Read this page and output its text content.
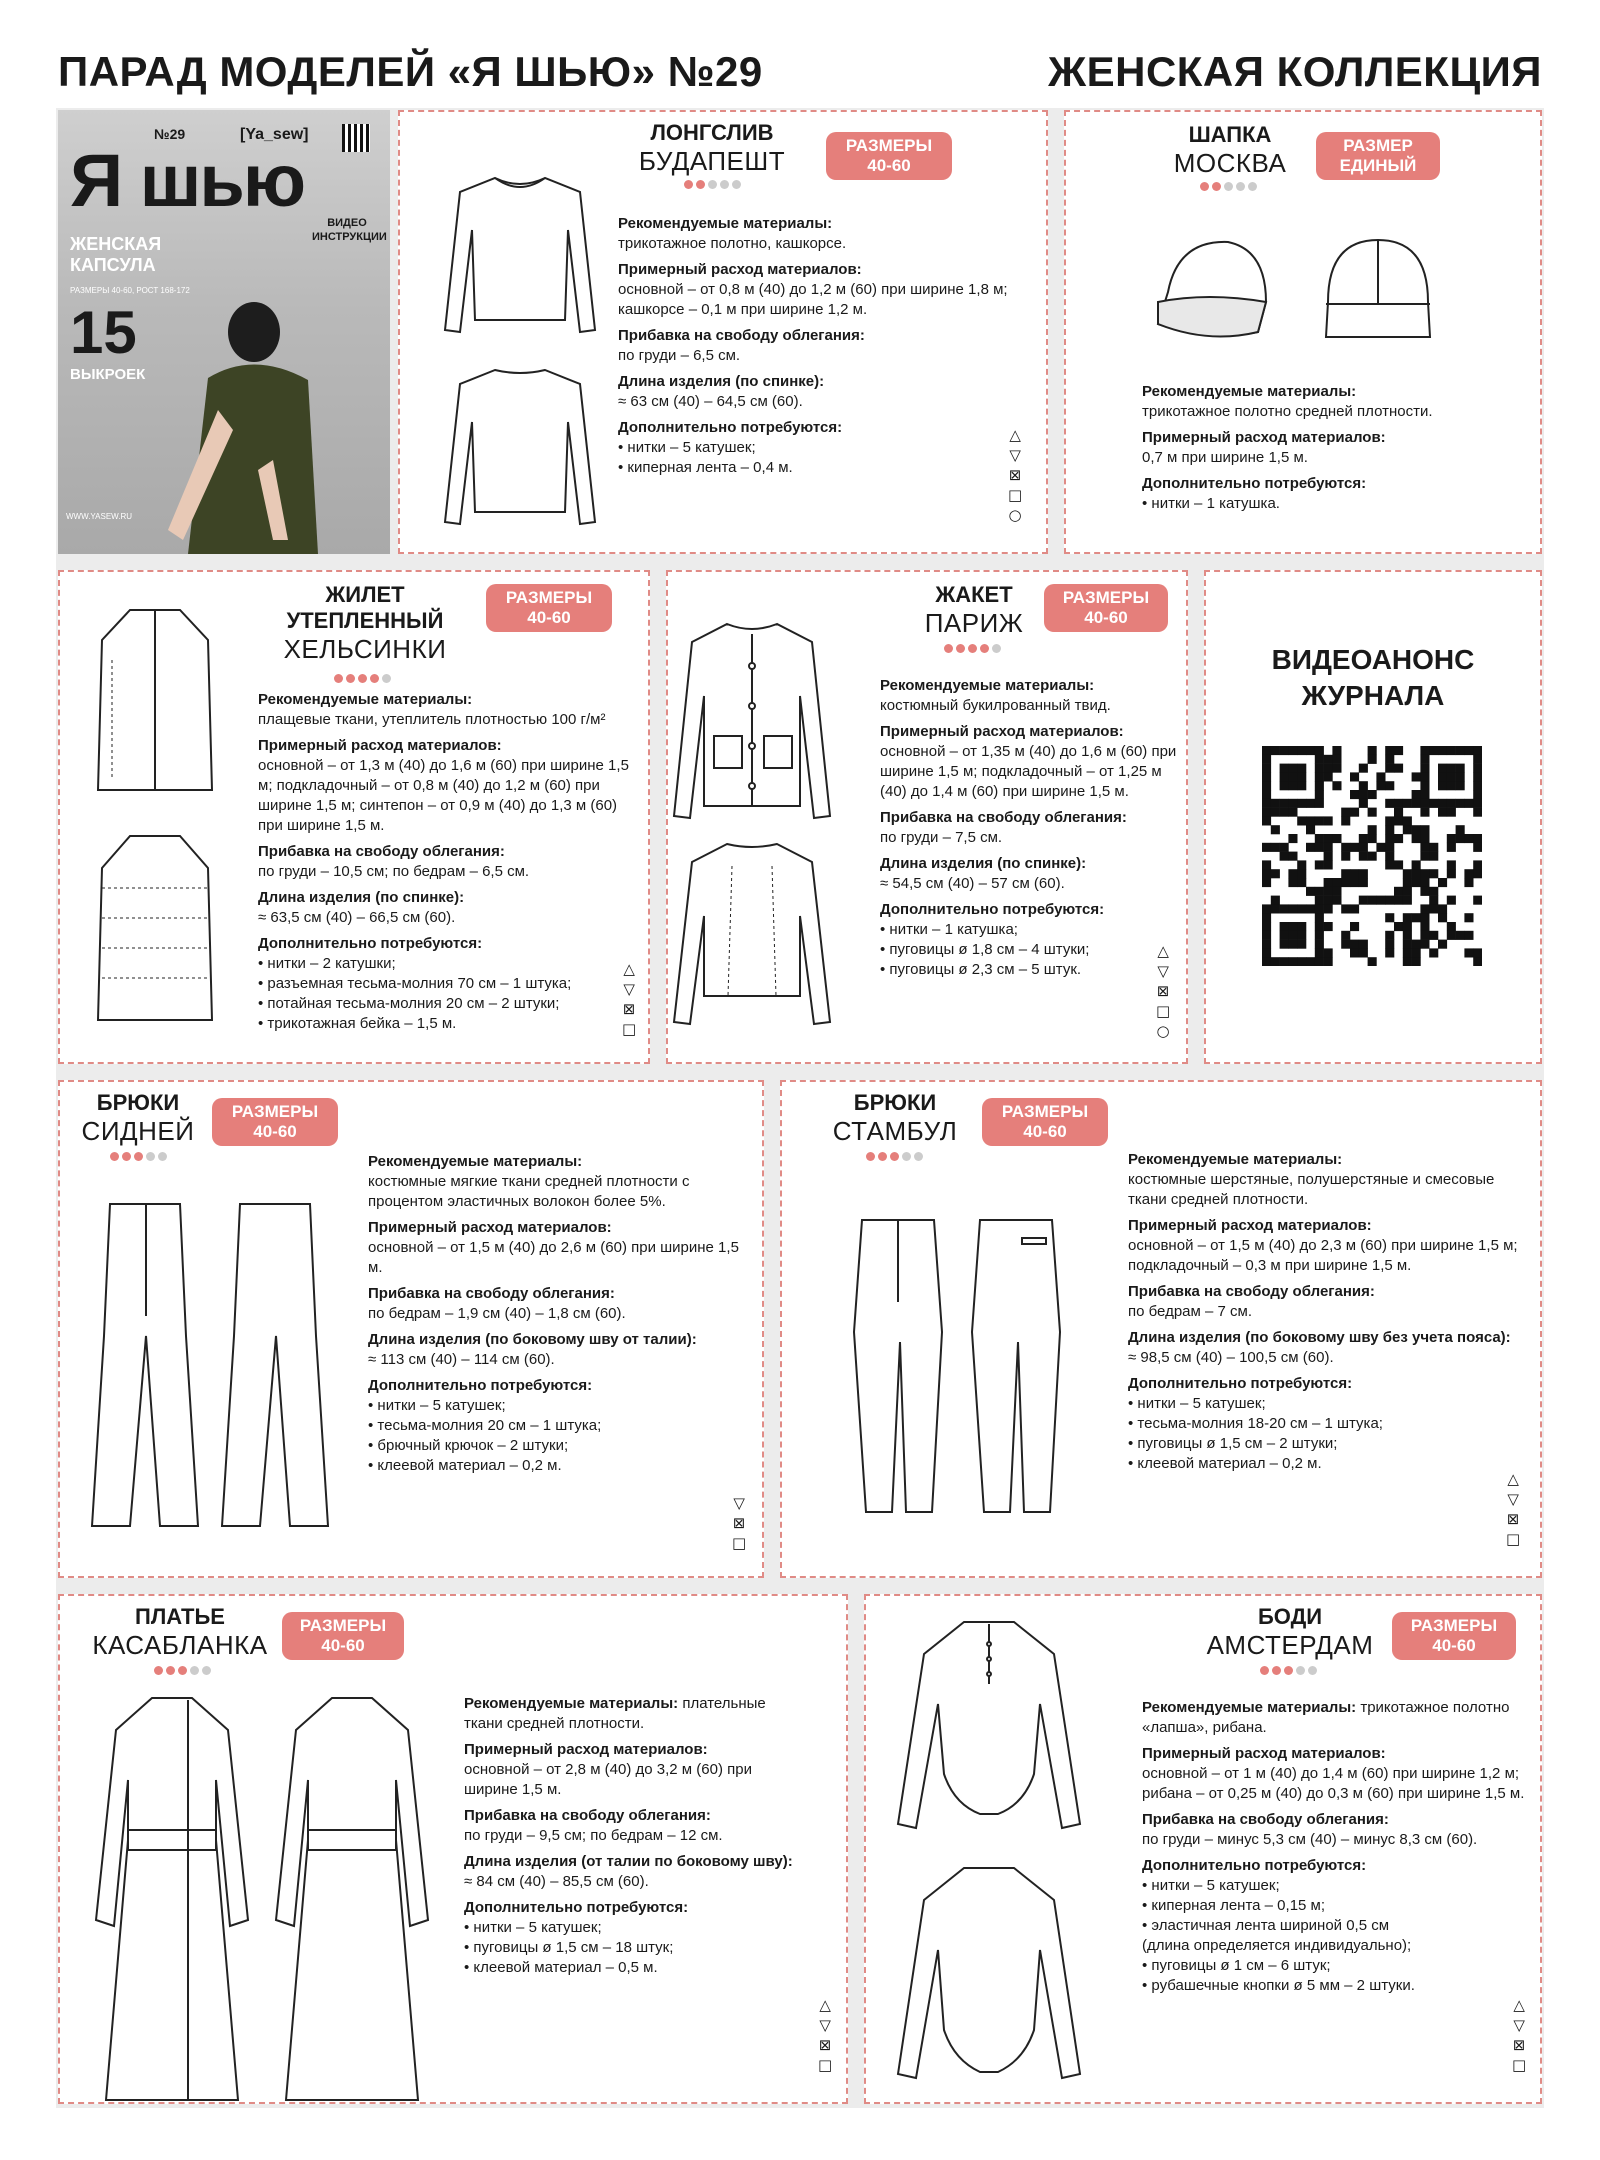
ПАРАД МОДЕЛЕЙ «Я ШЬЮ» №29	ЖЕНСКАЯ КОЛЛЕКЦИЯ
№29	[Ya_sew]
Я шью
ЖЕНСКАЯ КАПСУЛА
РАЗМЕРЫ 40-60, РОСТ 168-172
15
ВЫКРОЕК
ВИДЕО ИНСТРУКЦИИ
WWW.YASEW.RU
ЛОНГСЛИВ
БУДАПЕШТ
РАЗМЕРЫ
40-60
Рекомендуемые материалы:
трикотажное полотно, кашкорсе.
Примерный расход материалов:
основной – от 0,8 м (40) до 1,2 м (60) при ширине 1,8 м; кашкорсе – 0,1 м при ширине 1,2 м.
Прибавка на свободу облегания:
по груди – 6,5 см.
Длина изделия (по спинке):
≈ 63 см (40) – 64,5 см (60).
Дополнительно потребуются:
• нитки – 5 катушек;
• киперная лента – 0,4 м.
△
▽
⊠
□
○
ШАПКА
МОСКВА
РАЗМЕР
ЕДИНЫЙ
Рекомендуемые материалы:
трикотажное полотно средней плотности.
Примерный расход материалов:
0,7 м при ширине 1,5 м.
Дополнительно потребуются:
• нитки – 1 катушка.
ЖИЛЕТ
УТЕПЛЕННЫЙ
ХЕЛЬСИНКИ
РАЗМЕРЫ
40-60
Рекомендуемые материалы:
плащевые ткани, утеплитель плотностью 100 г/м²
Примерный расход материалов:
основной – от 1,3 м (40) до 1,6 м (60) при ширине 1,5 м; подкладочный – от 0,8 м (40) до 1,2 м (60) при ширине 1,5 м; синтепон – от 0,9 м (40) до 1,3 м (60) при ширине 1,5 м.
Прибавка на свободу облегания:
по груди – 10,5 см; по бедрам – 6,5 см.
Длина изделия (по спинке):
≈ 63,5 см (40) – 66,5 см (60).
Дополнительно потребуются:
• нитки – 2 катушки;
• разъемная тесьма-молния 70 см – 1 штука;
• потайная тесьма-молния 20 см – 2 штуки;
• трикотажная бейка – 1,5 м.
△
▽
⊠
□
ЖАКЕТ
ПАРИЖ
РАЗМЕРЫ
40-60
Рекомендуемые материалы:
костюмный букилрованный твид.
Примерный расход материалов:
основной – от 1,35 м (40) до 1,6 м (60) при ширине 1,5 м; подкладочный – от 1,25 м (40) до 1,4 м (60) при ширине 1,5 м.
Прибавка на свободу облегания:
по груди – 7,5 см.
Длина изделия (по спинке):
≈ 54,5 см (40) – 57 см (60).
Дополнительно потребуются:
• нитки – 1 катушка;
• пуговицы ø 1,8 см – 4 штуки;
• пуговицы ø 2,3 см – 5 штук.
△
▽
⊠
□
○
ВИДЕОАНОНС
ЖУРНАЛА
БРЮКИ
СИДНЕЙ
РАЗМЕРЫ
40-60
Рекомендуемые материалы:
костюмные мягкие ткани средней плотности с процентом эластичных волокон более 5%.
Примерный расход материалов:
основной – от 1,5 м (40) до 2,6 м (60) при ширине 1,5 м.
Прибавка на свободу облегания:
по бедрам – 1,9 см (40) – 1,8 см (60).
Длина изделия (по боковому шву от талии):
≈ 113 см (40) – 114 см (60).
Дополнительно потребуются:
• нитки – 5 катушек;
• тесьма-молния 20 см – 1 штука;
• брючный крючок – 2 штуки;
• клеевой материал – 0,2 м.
▽
⊠
□
БРЮКИ
СТАМБУЛ
РАЗМЕРЫ
40-60
Рекомендуемые материалы:
костюмные шерстяные, полушерстяные и смесовые ткани средней плотности.
Примерный расход материалов:
основной – от 1,5 м (40) до 2,3 м (60) при ширине 1,5 м; подкладочный – 0,3 м при ширине 1,5 м.
Прибавка на свободу облегания:
по бедрам – 7 см.
Длина изделия (по боковому шву без учета пояса):
≈ 98,5 см (40) – 100,5 см (60).
Дополнительно потребуются:
• нитки – 5 катушек;
• тесьма-молния 18-20 см – 1 штука;
• пуговицы ø 1,5 см – 2 штуки;
• клеевой материал – 0,2 м.
△
▽
⊠
□
ПЛАТЬЕ
КАСАБЛАНКА
РАЗМЕРЫ
40-60
Рекомендуемые материалы: плательные ткани средней плотности.
Примерный расход материалов:
основной – от 2,8 м (40) до 3,2 м (60) при ширине 1,5 м.
Прибавка на свободу облегания:
по груди – 9,5 см; по бедрам – 12 см.
Длина изделия (от талии по боковому шву):
≈ 84 см (40) – 85,5 см (60).
Дополнительно потребуются:
• нитки – 5 катушек;
• пуговицы ø 1,5 см – 18 штук;
• клеевой материал – 0,5 м.
△
▽
⊠
□
БОДИ
АМСТЕРДАМ
РАЗМЕРЫ
40-60
Рекомендуемые материалы: трикотажное полотно «лапша», рибана.
Примерный расход материалов:
основной – от 1 м (40) до 1,4 м (60) при ширине 1,2 м; рибана – от 0,25 м (40) до 0,3 м (60) при ширине 1,5 м.
Прибавка на свободу облегания:
по груди – минус 5,3 см (40) – минус 8,3 см (60).
Дополнительно потребуются:
• нитки – 5 катушек;
• киперная лента – 0,15 м;
• эластичная лента шириной 0,5 см
(длина определяется индивидуально);
• пуговицы ø 1 см – 6 штук;
• рубашечные кнопки ø 5 мм – 2 штуки.
△
▽
⊠
□
